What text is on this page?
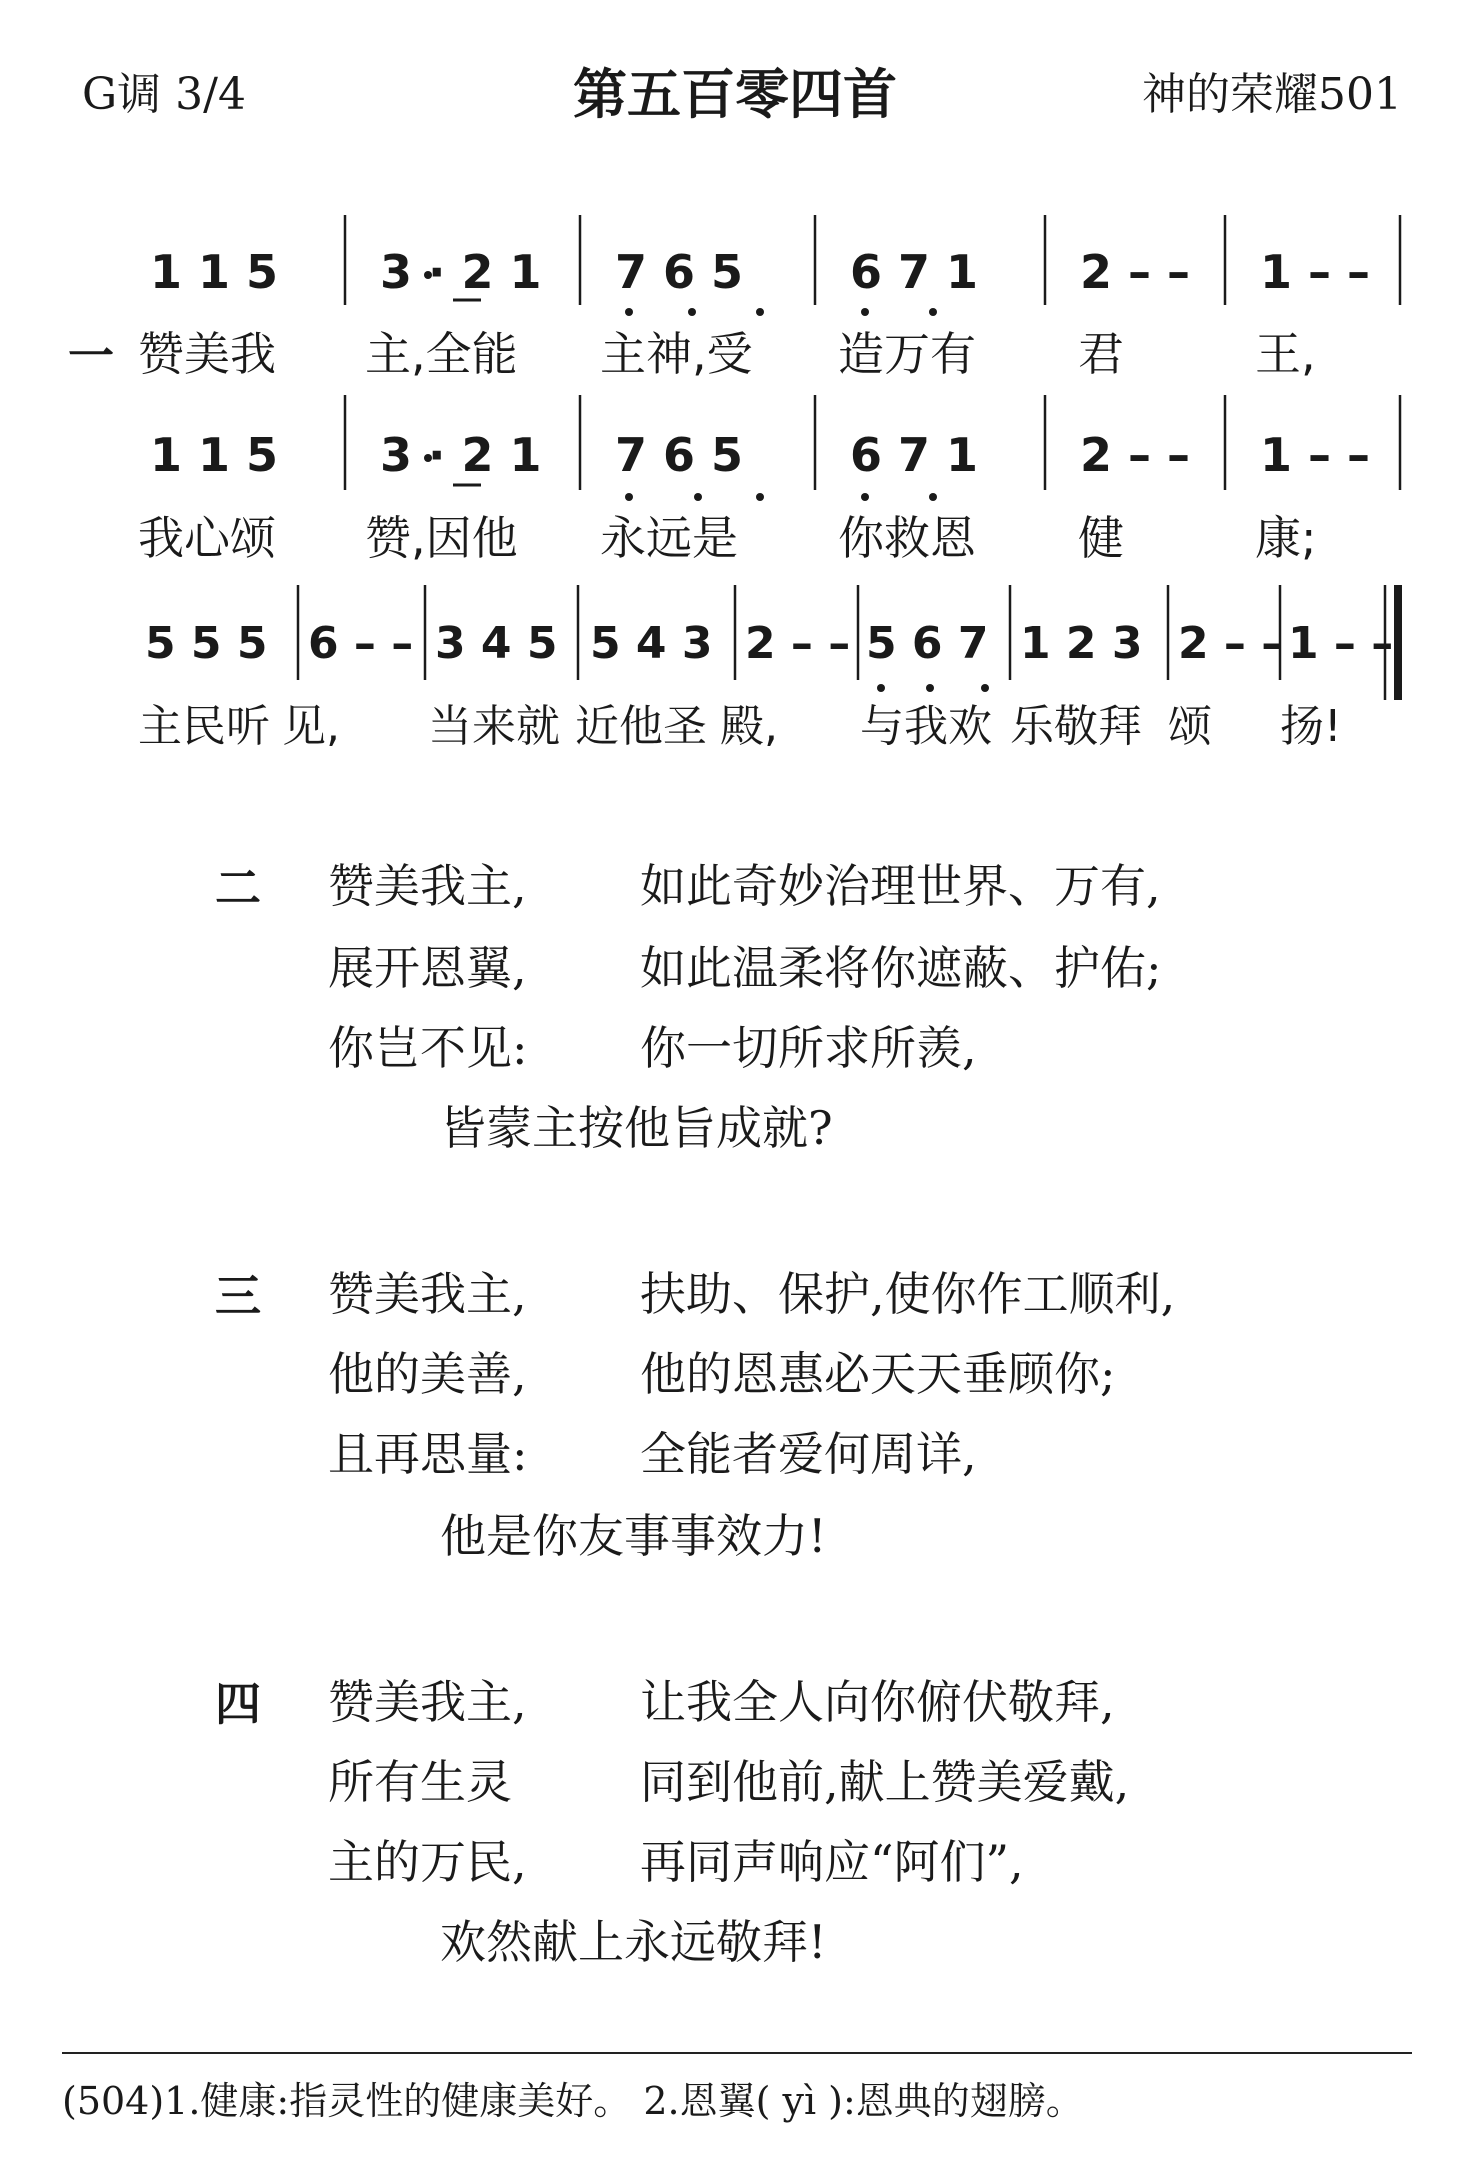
G调 3/4	第五百零四首	神的荣耀501
一
1 1 5 3 · 2 1 7 6 5 6 7 1 2 – – 1 – –
赞美我 主,全能 主神,受 造万有 君	王,
1 1 5 3 · 2 1 7 6 5 6 7 1 2 – – 1 – –
我心颂 赞,因他 永远是 你救恩 健	康;
5 5 5 6 – – 3 4 5 5 4 3 2 – – 5 6 7 1 2 3 2 – – 1 – –
主民听 见, 当来就 近他圣 殿, 与我欢 乐敬拜 颂 扬!
二 赞美我主, 如此奇妙治理世界、万有,
展开恩翼, 如此温柔将你遮蔽、护佑;
你岂不见: 你一切所求所羡,
皆蒙主按他旨成就?
三 赞美我主, 扶助、保护,使你作工顺利,
他的美善, 他的恩惠必天天垂顾你;
且再思量: 全能者爱何周详,
他是你友事事效力!
四 赞美我主, 让我全人向你俯伏敬拜,
所有生灵	同到他前,献上赞美爱戴,
主的万民, 再同声响应“阿们”,
欢然献上永远敬拜!
(504)1.健康:指灵性的健康美好。 2.恩翼( yì ):恩典的翅膀。
